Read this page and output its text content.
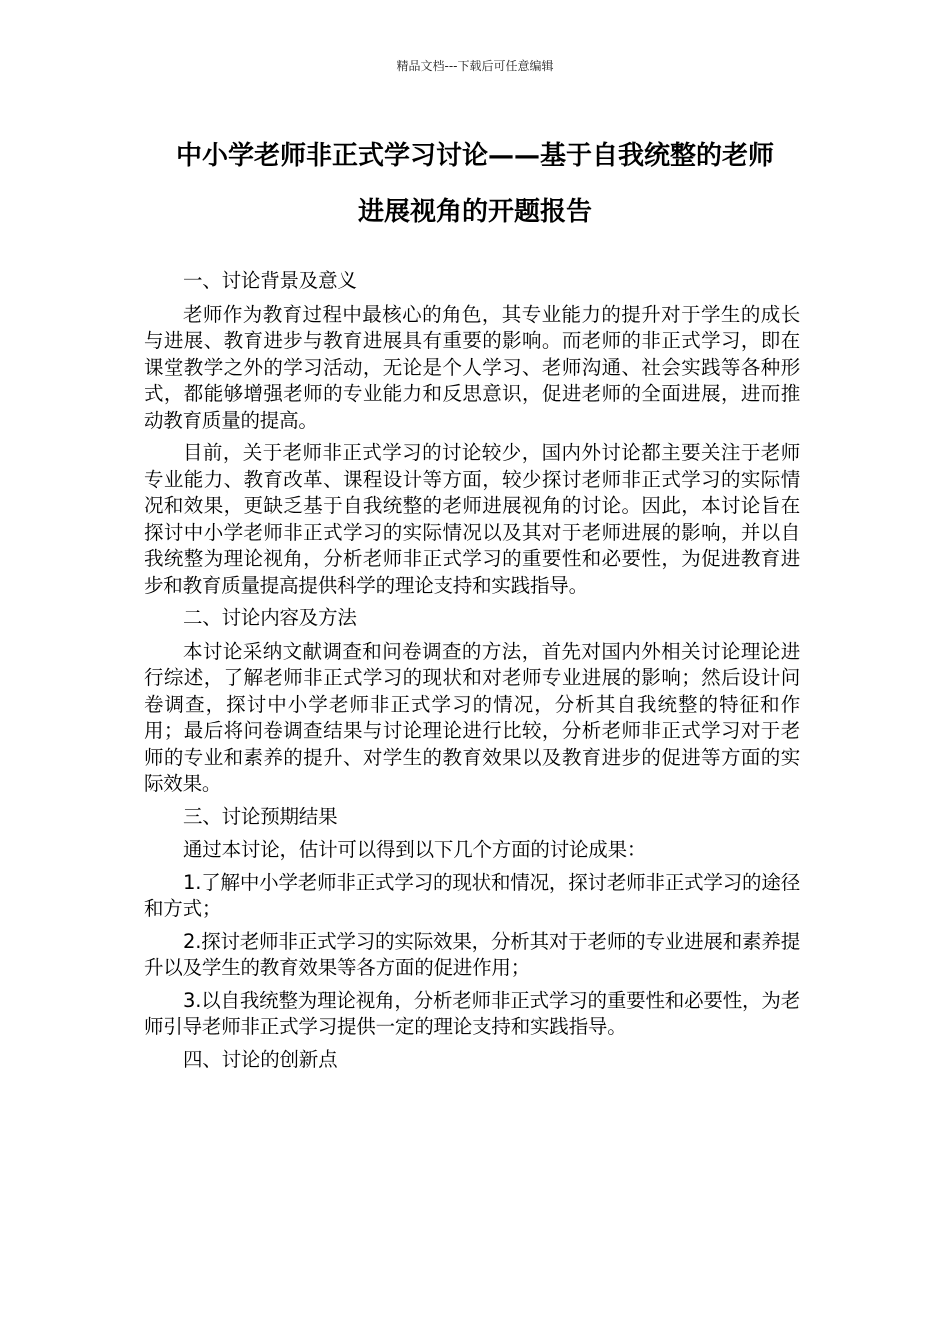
精品文档---下载后可任意编辑
中小学老师非正式学习讨论——基于自我统整的老师
进展视角的开题报告

一、讨论背景及意义

老师作为教育过程中最核心的角色，其专业能力的提升对于学生的成长与进展、教育进步与教育进展具有重要的影响。而老师的非正式学习，即在课堂教学之外的学习活动，无论是个人学习、老师沟通、社会实践等各种形式，都能够增强老师的专业能力和反思意识，促进老师的全面进展，进而推动教育质量的提高。

目前，关于老师非正式学习的讨论较少，国内外讨论都主要关注于老师专业能力、教育改革、课程设计等方面，较少探讨老师非正式学习的实际情况和效果，更缺乏基于自我统整的老师进展视角的讨论。因此，本讨论旨在探讨中小学老师非正式学习的实际情况以及其对于老师进展的影响，并以自我统整为理论视角，分析老师非正式学习的重要性和必要性，为促进教育进步和教育质量提高提供科学的理论支持和实践指导。

二、讨论内容及方法

本讨论采纳文献调查和问卷调查的方法，首先对国内外相关讨论理论进行综述，了解老师非正式学习的现状和对老师专业进展的影响；然后设计问卷调查，探讨中小学老师非正式学习的情况，分析其自我统整的特征和作用；最后将问卷调查结果与讨论理论进行比较，分析老师非正式学习对于老师的专业和素养的提升、对学生的教育效果以及教育进步的促进等方面的实际效果。

三、讨论预期结果

通过本讨论，估计可以得到以下几个方面的讨论成果：

1.了解中小学老师非正式学习的现状和情况，探讨老师非正式学习的途径和方式；

2.探讨老师非正式学习的实际效果，分析其对于老师的专业进展和素养提升以及学生的教育效果等各方面的促进作用；

3.以自我统整为理论视角，分析老师非正式学习的重要性和必要性，为老师引导老师非正式学习提供一定的理论支持和实践指导。

四、讨论的创新点
